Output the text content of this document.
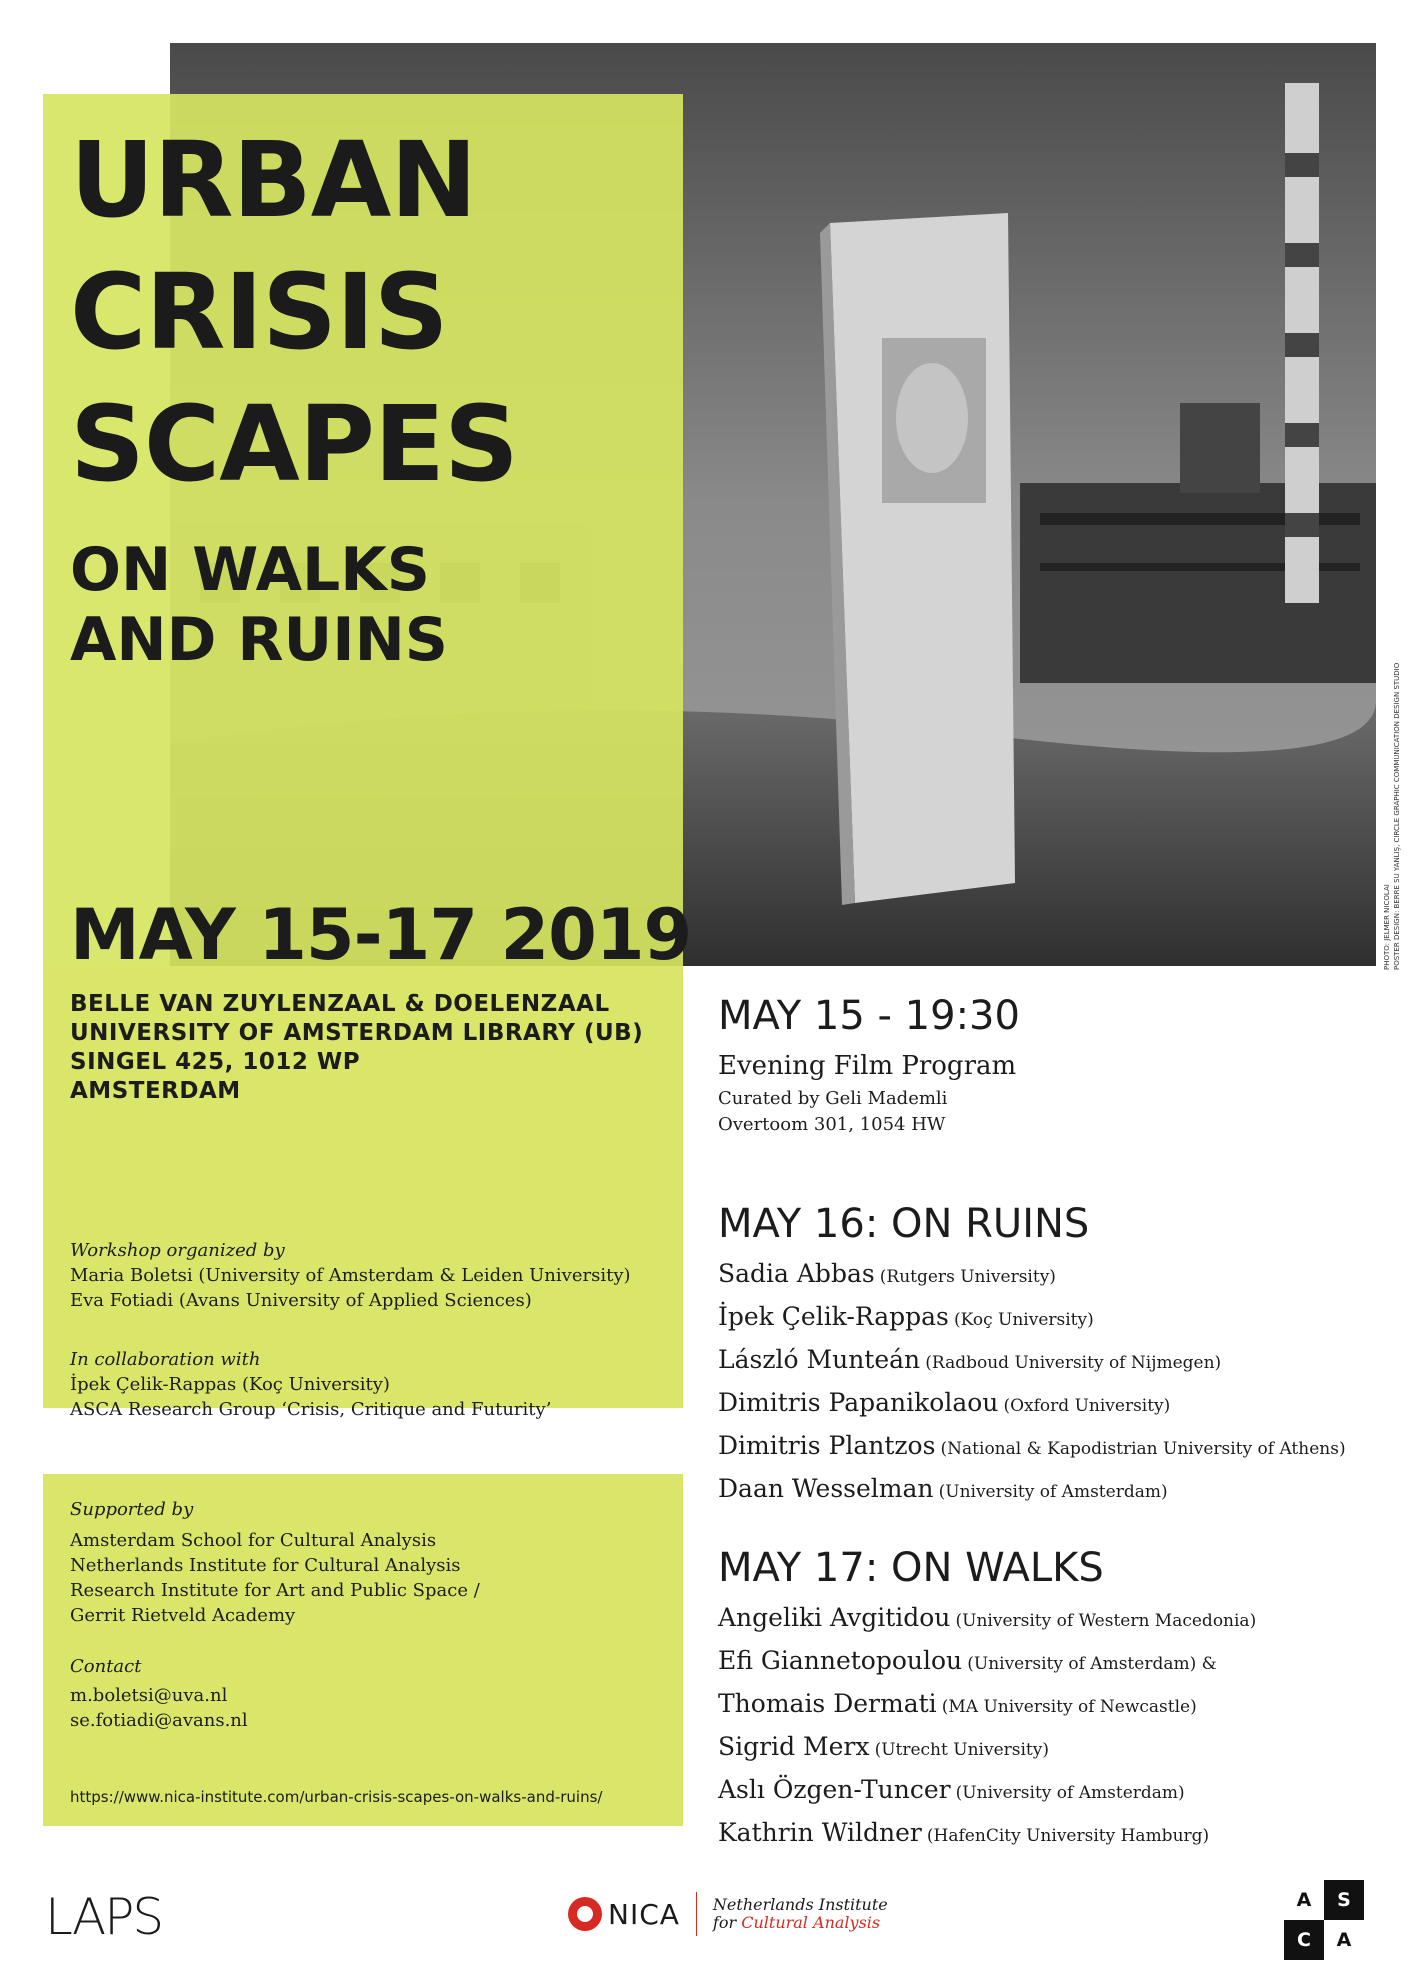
URBAN
CRISIS
SCAPES
ON WALKS
AND RUINS
MAY 15-17 2019
BELLE VAN ZUYLENZAAL & DOELENZAAL
UNIVERSITY OF AMSTERDAM LIBRARY (UB)
SINGEL 425, 1012 WP
AMSTERDAM
Workshop organized by
Maria Boletsi (University of Amsterdam & Leiden University)
Eva Fotiadi (Avans University of Applied Sciences)
In collaboration with
İpek Çelik-Rappas (Koç University)
ASCA Research Group ‘Crisis, Critique and Futurity’
Supported by
Amsterdam School for Cultural Analysis
Netherlands Institute for Cultural Analysis
Research Institute for Art and Public Space /
Gerrit Rietveld Academy
Contact
m.boletsi@uva.nl
se.fotiadi@avans.nl
https://www.nica-institute.com/urban-crisis-scapes-on-walks-and-ruins/

MAY 15 - 19:30

Evening Film Program

Curated by Geli Mademli

Overtoom 301, 1054 HW

MAY 16: ON RUINS

Sadia Abbas (Rutgers University)
İpek Çelik-Rappas (Koç University)
László Munteán (Radboud University of Nijmegen)
Dimitris Papanikolaou (Oxford University)
Dimitris Plantzos (National & Kapodistrian University of Athens)
Daan Wesselman (University of Amsterdam)

MAY 17: ON WALKS

Angeliki Avgitidou (University of Western Macedonia)
Efi Giannetopoulou (University of Amsterdam) &
Thomais Dermati (MA University of Newcastle)
Sigrid Merx (Utrecht University)
Aslı Özgen-Tuncer (University of Amsterdam)
Kathrin Wildner (HafenCity University Hamburg)
PHOTO: JELMER NICOLAI POSTER DESIGN: BERRE SU YANLIŞ, CIRCLE GRAPHIC COMMUNICATION DESIGN STUDIO
LAPS	NICA Netherlands Institute
for Cultural Analysis
A	S
C	A
